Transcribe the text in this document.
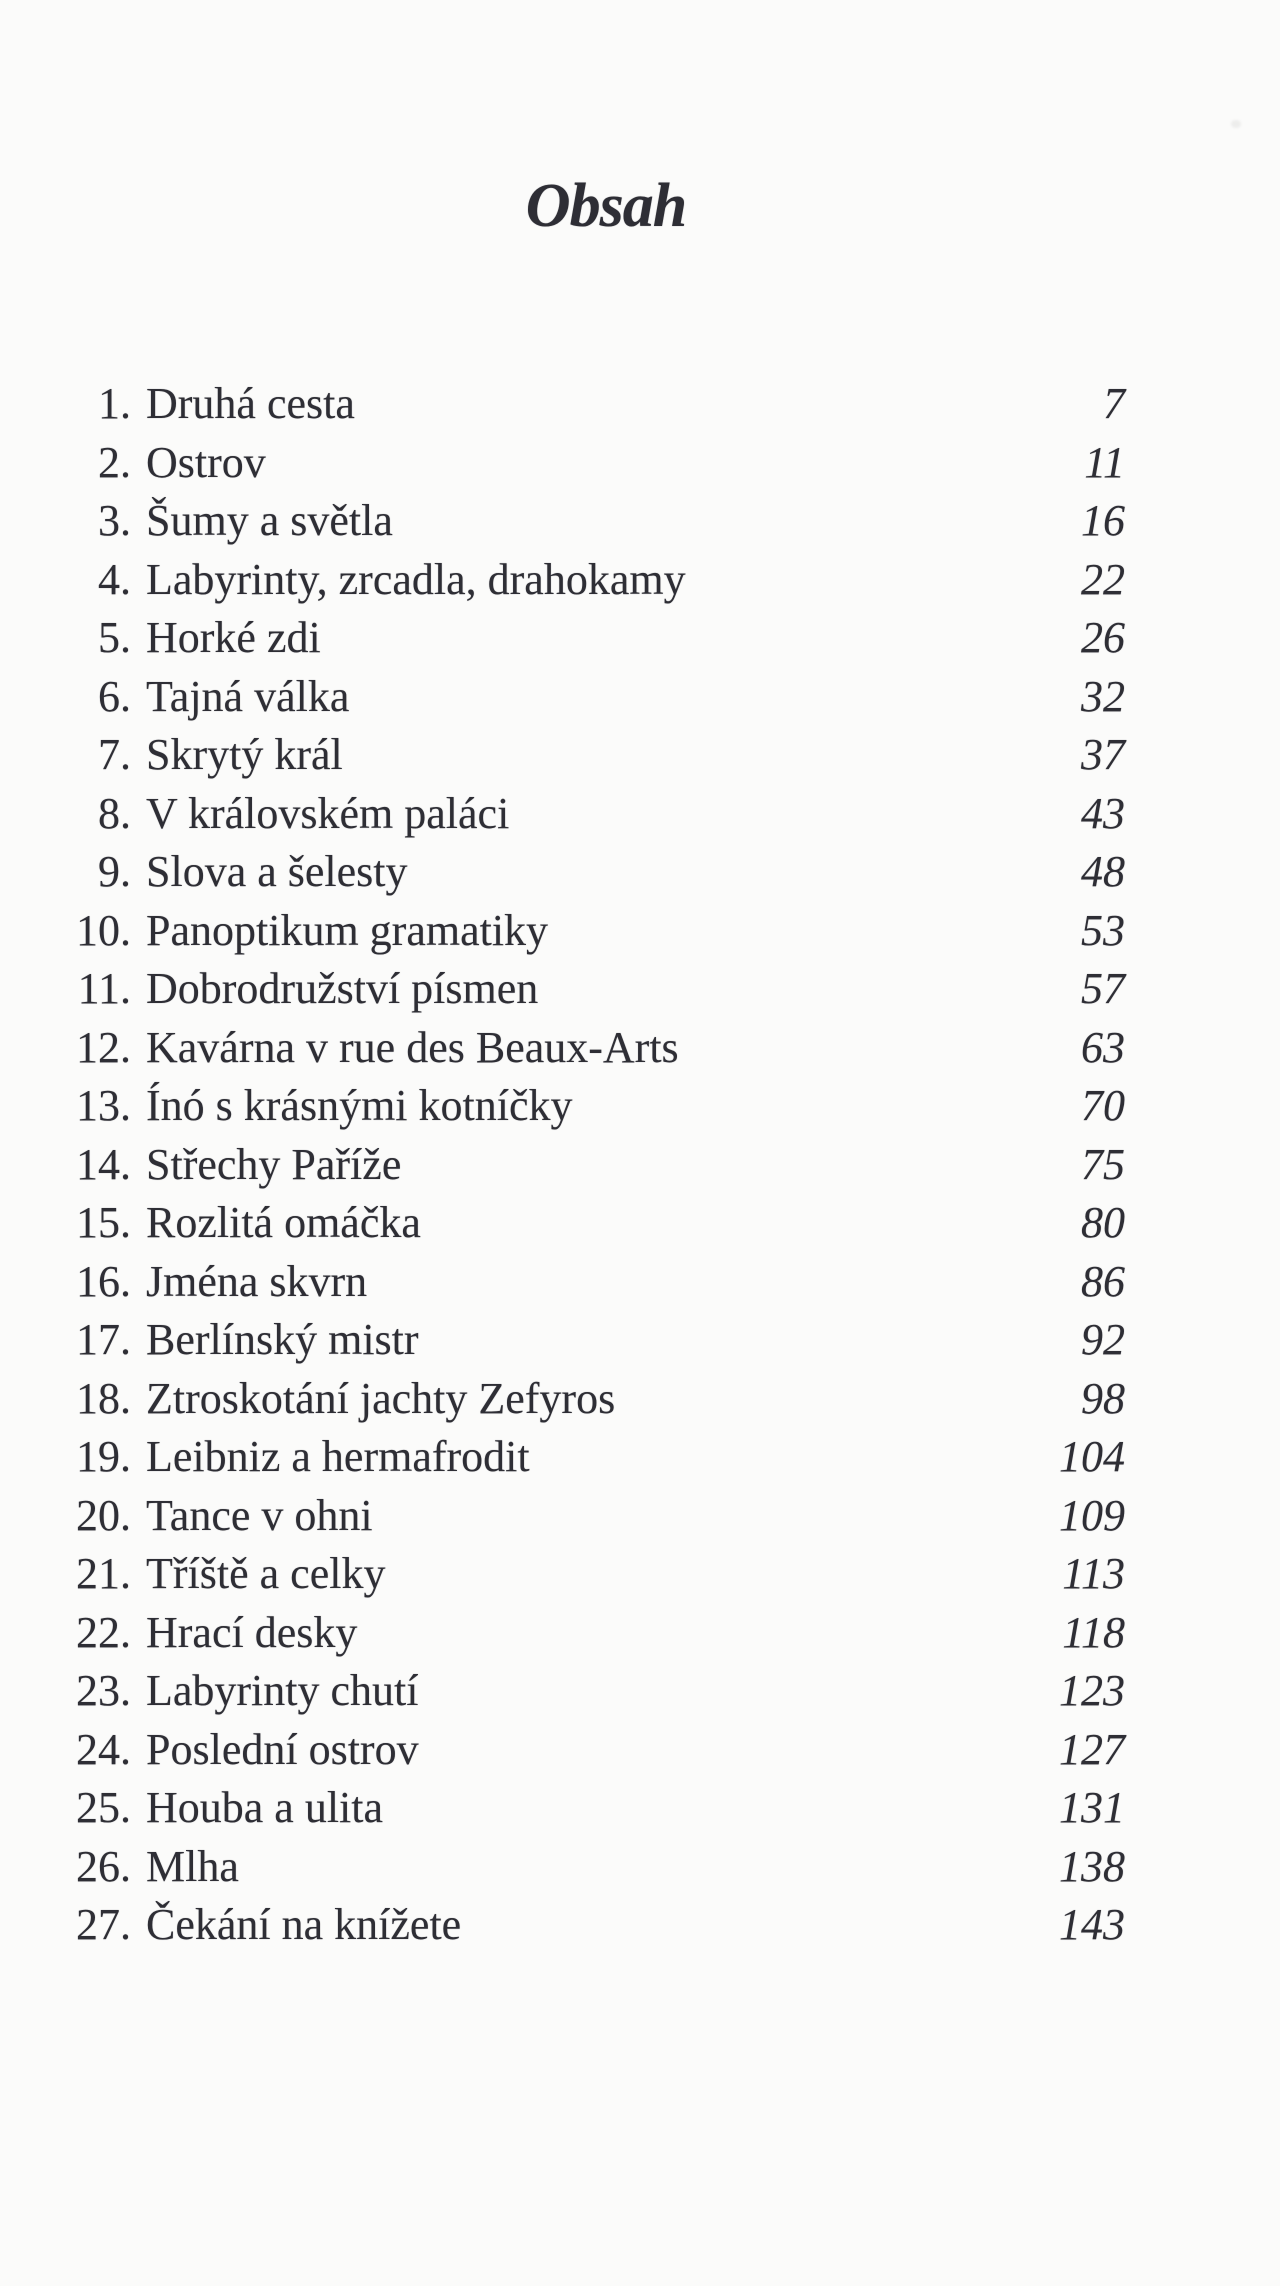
Obsah
1. Druhá cesta	7
2. Ostrov	11
3. Šumy a světla	16
4. Labyrinty, zrcadla, drahokamy	22
5. Horké zdi	26
6. Tajná válka	32
7. Skrytý král	37
8. V královském paláci	43
9. Slova a šelesty	48
10. Panoptikum gramatiky	53
11. Dobrodružství písmen	57
12. Kavárna v rue des Beaux-Arts	63
13. Ínó s krásnými kotníčky	70
14. Střechy Paříže	75
15. Rozlitá omáčka	80
16. Jména skvrn	86
17. Berlínský mistr	92
18. Ztroskotání jachty Zefyros	98
19. Leibniz a hermafrodit	104
20. Tance v ohni	109
21. Tříště a celky	113
22. Hrací desky	118
23. Labyrinty chutí	123
24. Poslední ostrov	127
25. Houba a ulita	131
26. Mlha	138
27. Čekání na knížete	143
